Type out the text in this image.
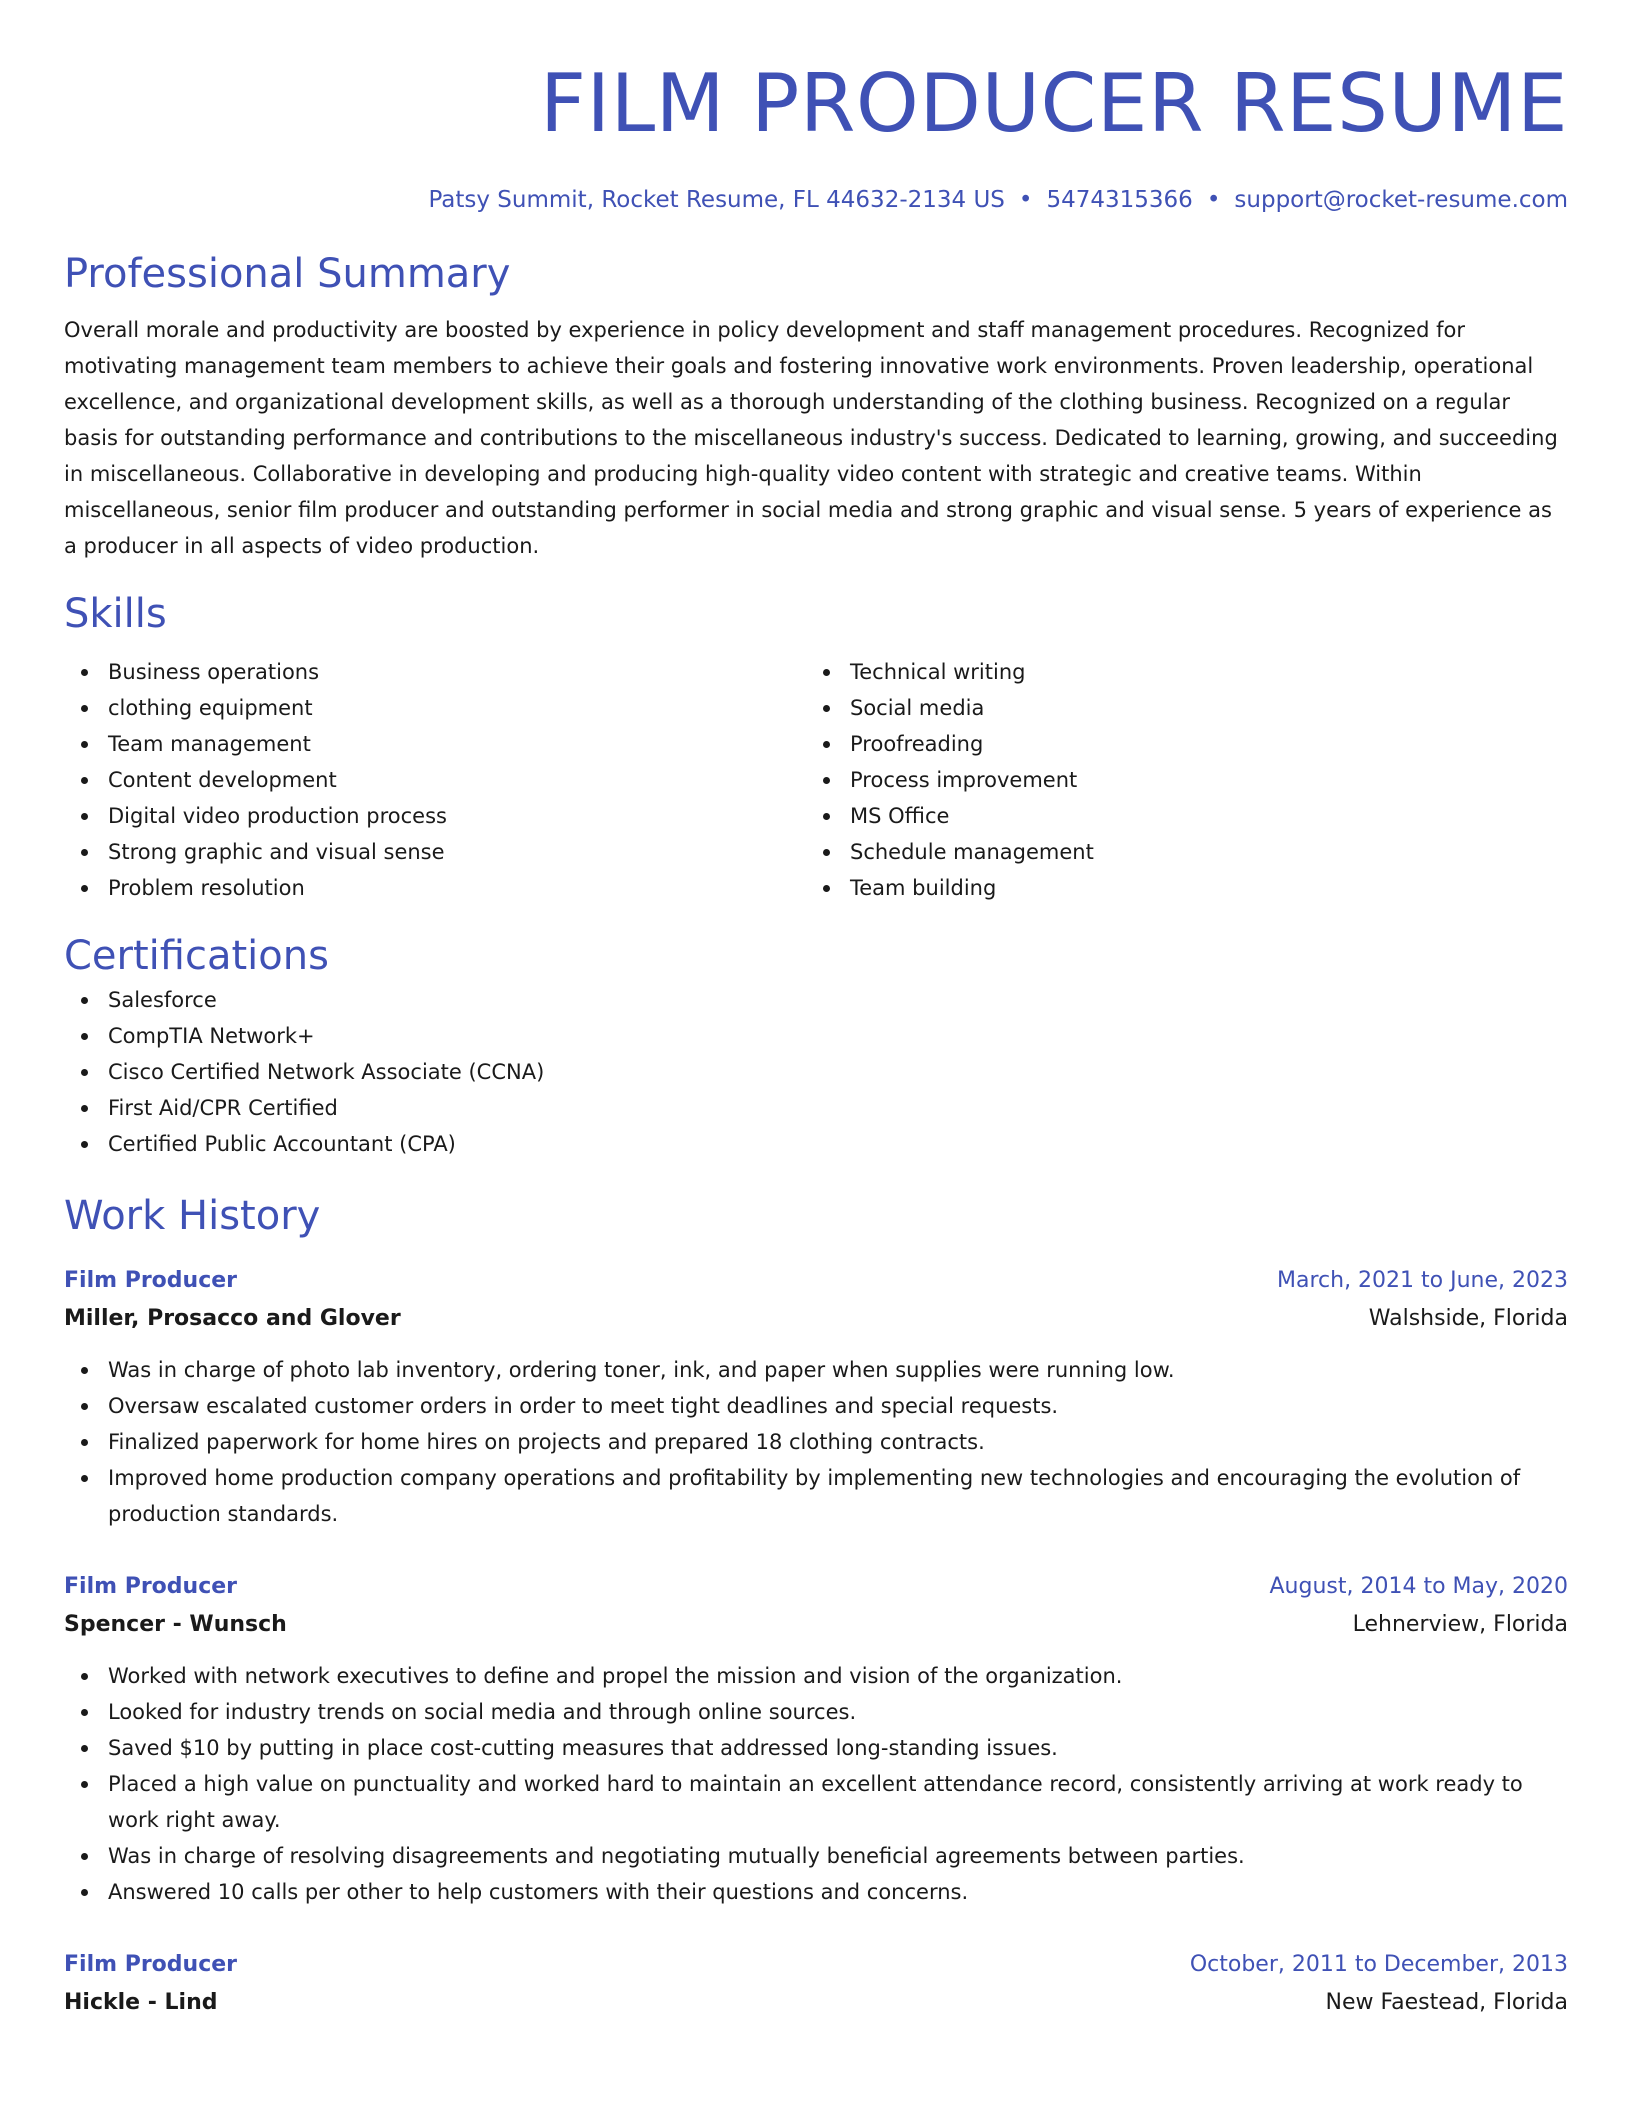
FILM PRODUCER RESUME
Patsy Summit, Rocket Resume, FL 44632-2134 US • 5474315366 • support@rocket-resume.com
Professional Summary

Overall morale and productivity are boosted by experience in policy development and staff management procedures. Recognized for motivating management team members to achieve their goals and fostering innovative work environments. Proven leadership, operational excellence, and organizational development skills, as well as a thorough understanding of the clothing business. Recognized on a regular basis for outstanding performance and contributions to the miscellaneous industry's success. Dedicated to learning, growing, and succeeding in miscellaneous. Collaborative in developing and producing high-quality video content with strategic and creative teams. Within miscellaneous, senior film producer and outstanding performer in social media and strong graphic and visual sense. 5 years of experience as a producer in all aspects of video production.

Skills
Business operations
clothing equipment
Team management
Content development
Digital video production process
Strong graphic and visual sense
Problem resolution
Technical writing
Social media
Proofreading
Process improvement
MS Office
Schedule management
Team building
Certifications
Salesforce
CompTIA Network+
Cisco Certified Network Associate (CCNA)
First Aid/CPR Certified
Certified Public Accountant (CPA)
Work History
Film Producer	March, 2021 to June, 2023
Miller, Prosacco and Glover	Walshside, Florida
Was in charge of photo lab inventory, ordering toner, ink, and paper when supplies were running low.
Oversaw escalated customer orders in order to meet tight deadlines and special requests.
Finalized paperwork for home hires on projects and prepared 18 clothing contracts.
Improved home production company operations and profitability by implementing new technologies and encouraging the evolution of production standards.
Film Producer	August, 2014 to May, 2020
Spencer - Wunsch	Lehnerview, Florida
Worked with network executives to define and propel the mission and vision of the organization.
Looked for industry trends on social media and through online sources.
Saved $10 by putting in place cost-cutting measures that addressed long-standing issues.
Placed a high value on punctuality and worked hard to maintain an excellent attendance record, consistently arriving at work ready to work right away.
Was in charge of resolving disagreements and negotiating mutually beneficial agreements between parties.
Answered 10 calls per other to help customers with their questions and concerns.
Film Producer	October, 2011 to December, 2013
Hickle - Lind	New Faestead, Florida
